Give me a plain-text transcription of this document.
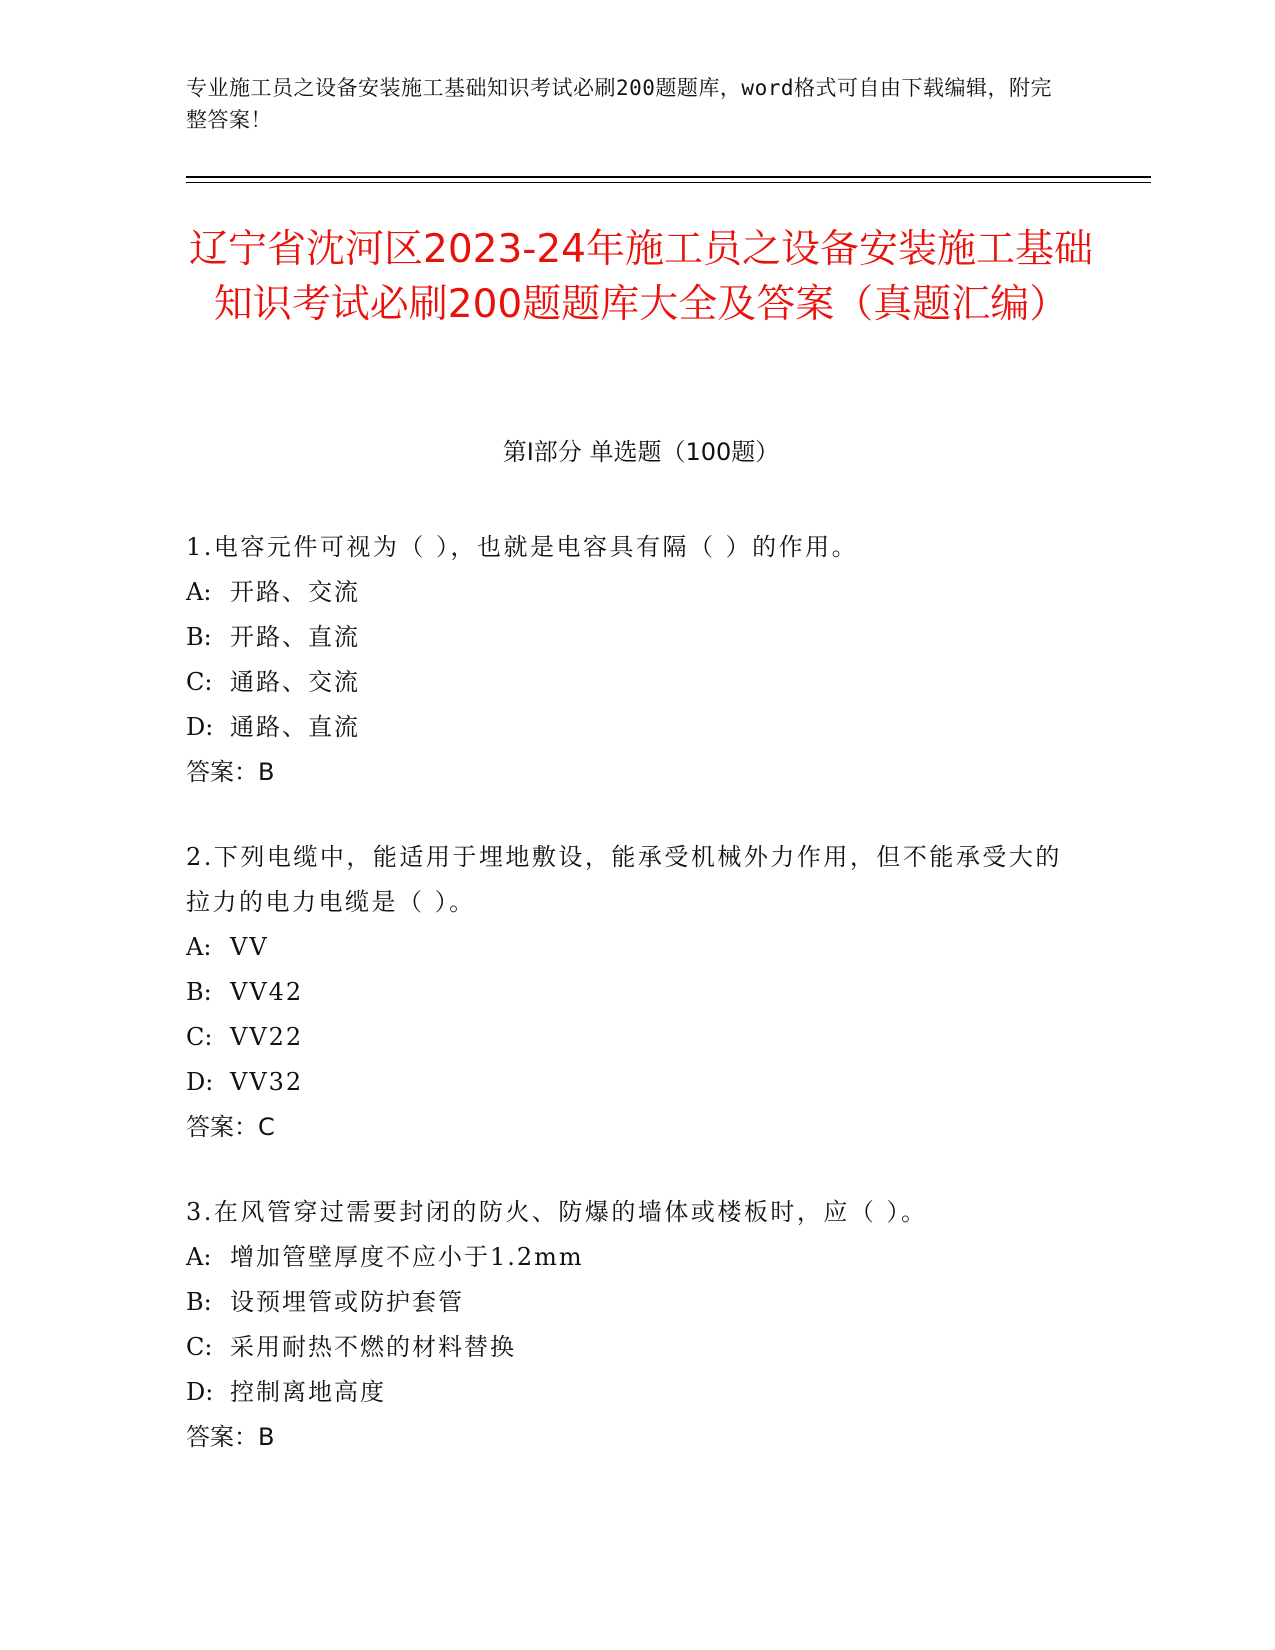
专业施工员之设备安装施工基础知识考试必刷200题题库，word格式可自由下载编辑，附完整答案！
辽宁省沈河区2023-24年施工员之设备安装施工基础知识考试必刷200题题库大全及答案（真题汇编）
第I部分 单选题（100题）
1.电容元件可视为（ ），也就是电容具有隔（ ）的作用。
A: 开路、交流
B: 开路、直流
C: 通路、交流
D: 通路、直流
答案：B
2.下列电缆中，能适用于埋地敷设，能承受机械外力作用，但不能承受大的拉力的电力电缆是（ ）。
A: VV
B: VV42
C: VV22
D: VV32
答案：C
3.在风管穿过需要封闭的防火、防爆的墙体或楼板时，应（ ）。
A: 增加管壁厚度不应小于1.2mm
B: 设预埋管或防护套管
C: 采用耐热不燃的材料替换
D: 控制离地高度
答案：B
